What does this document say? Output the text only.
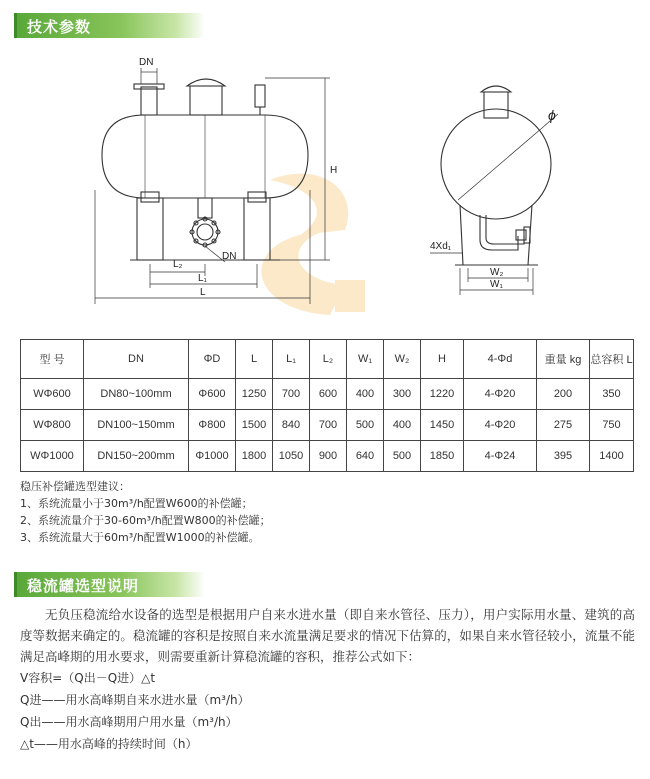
技术参数
DN
DN
H
L₂
L₁
L
ϕ
4Xd₁
W₂
W₁
型 号	DN	ΦD	L	L₁	L₂	W₁	W₂	H	4-Φd	重量 kg	总容积 L
WΦ600	DN80~100mm	Φ600	1250	700	600	400	300	1220	4-Φ20	200	350
WΦ800	DN100~150mm	Φ800	1500	840	700	500	400	1450	4-Φ20	275	750
WΦ1000	DN150~200mm	Φ1000	1800	1050	900	640	500	1850	4-Φ24	395	1400
稳压补偿罐选型建议：
1、系统流量小于30m³/h配置W600的补偿罐；
2、系统流量介于30-60m³/h配置W800的补偿罐；
3、系统流量大于60m³/h配置W1000的补偿罐。
稳流罐选型说明

无负压稳流给水设备的选型是根据用户自来水进水量（即自来水管径、压力），用户实际用水量、建筑的高度等数据来确定的。稳流罐的容积是按照自来水流量满足要求的情况下估算的，如果自来水管径较小，流量不能满足高峰期的用水要求，则需要重新计算稳流罐的容积，推荐公式如下：

V容积=（Q出－Q进）△t
Q进——用水高峰期自来水进水量（m³/h）
Q出——用水高峰期用户用水量（m³/h）
△t——用水高峰的持续时间（h）
